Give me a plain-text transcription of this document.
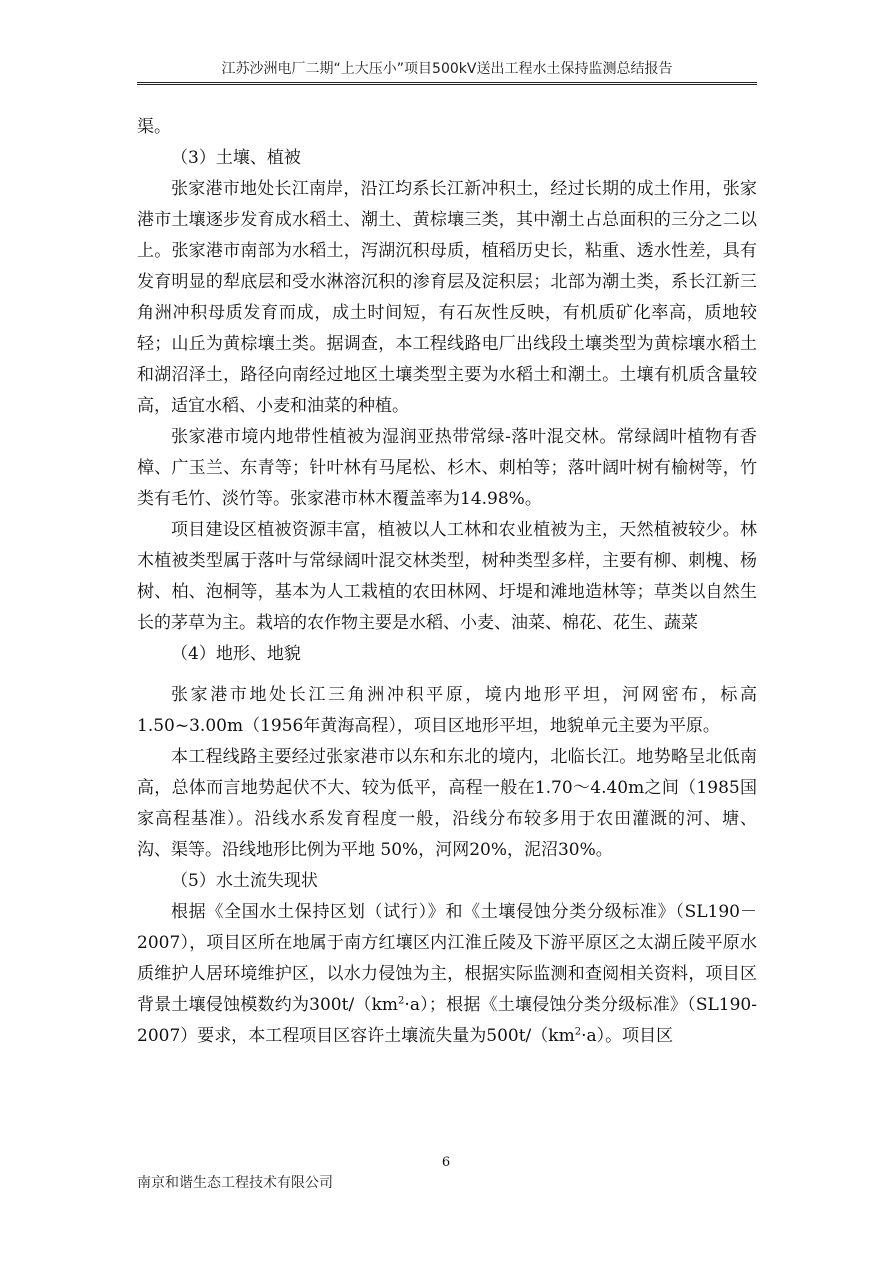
江苏沙洲电厂二期“上大压小”项目500kV送出工程水土保持监测总结报告

渠。

（3）土壤、植被

张家港市地处长江南岸，沿江均系长江新冲积土，经过长期的成土作用，张家港市土壤逐步发育成水稻土、潮土、黄棕壤三类，其中潮土占总面积的三分之二以上。张家港市南部为水稻土，泻湖沉积母质，植稻历史长，粘重、透水性差，具有发育明显的犁底层和受水淋溶沉积的渗育层及淀积层；北部为潮土类，系长江新三角洲冲积母质发育而成，成土时间短，有石灰性反映，有机质矿化率高，质地较轻；山丘为黄棕壤土类。据调查，本工程线路电厂出线段土壤类型为黄棕壤水稻土和湖沼泽土，路径向南经过地区土壤类型主要为水稻土和潮土。土壤有机质含量较高，适宜水稻、小麦和油菜的种植。

张家港市境内地带性植被为湿润亚热带常绿-落叶混交林。常绿阔叶植物有香樟、广玉兰、东青等；针叶林有马尾松、杉木、刺柏等；落叶阔叶树有榆树等，竹类有毛竹、淡竹等。张家港市林木覆盖率为14.98%。

项目建设区植被资源丰富，植被以人工林和农业植被为主，天然植被较少。林木植被类型属于落叶与常绿阔叶混交林类型，树种类型多样，主要有柳、刺槐、杨树、柏、泡桐等，基本为人工栽植的农田林网、圩堤和滩地造林等；草类以自然生长的茅草为主。栽培的农作物主要是水稻、小麦、油菜、棉花、花生、蔬菜

（4）地形、地貌

张家港市地处长江三角洲冲积平原，境内地形平坦，河网密布，标高1.50~3.00m（1956年黄海高程），项目区地形平坦，地貌单元主要为平原。

本工程线路主要经过张家港市以东和东北的境内，北临长江。地势略呈北低南高，总体而言地势起伏不大、较为低平，高程一般在1.70～4.40m之间（1985国家高程基准）。沿线水系发育程度一般，沿线分布较多用于农田灌溉的河、塘、沟、渠等。沿线地形比例为平地 50%，河网20%，泥沼30%。

（5）水土流失现状

根据《全国水土保持区划（试行）》和《土壤侵蚀分类分级标准》（SL190－2007），项目区所在地属于南方红壤区内江淮丘陵及下游平原区之太湖丘陵平原水质维护人居环境维护区，以水力侵蚀为主，根据实际监测和查阅相关资料，项目区背景土壤侵蚀模数约为$300t/(km^2\cdot a)$；根据《土壤侵蚀分类分级标准》（SL190-2007）要求，本工程项目区容许土壤流失量为$500t/(km^2\cdot a)$。项目区

6
南京和谐生态工程技术有限公司
